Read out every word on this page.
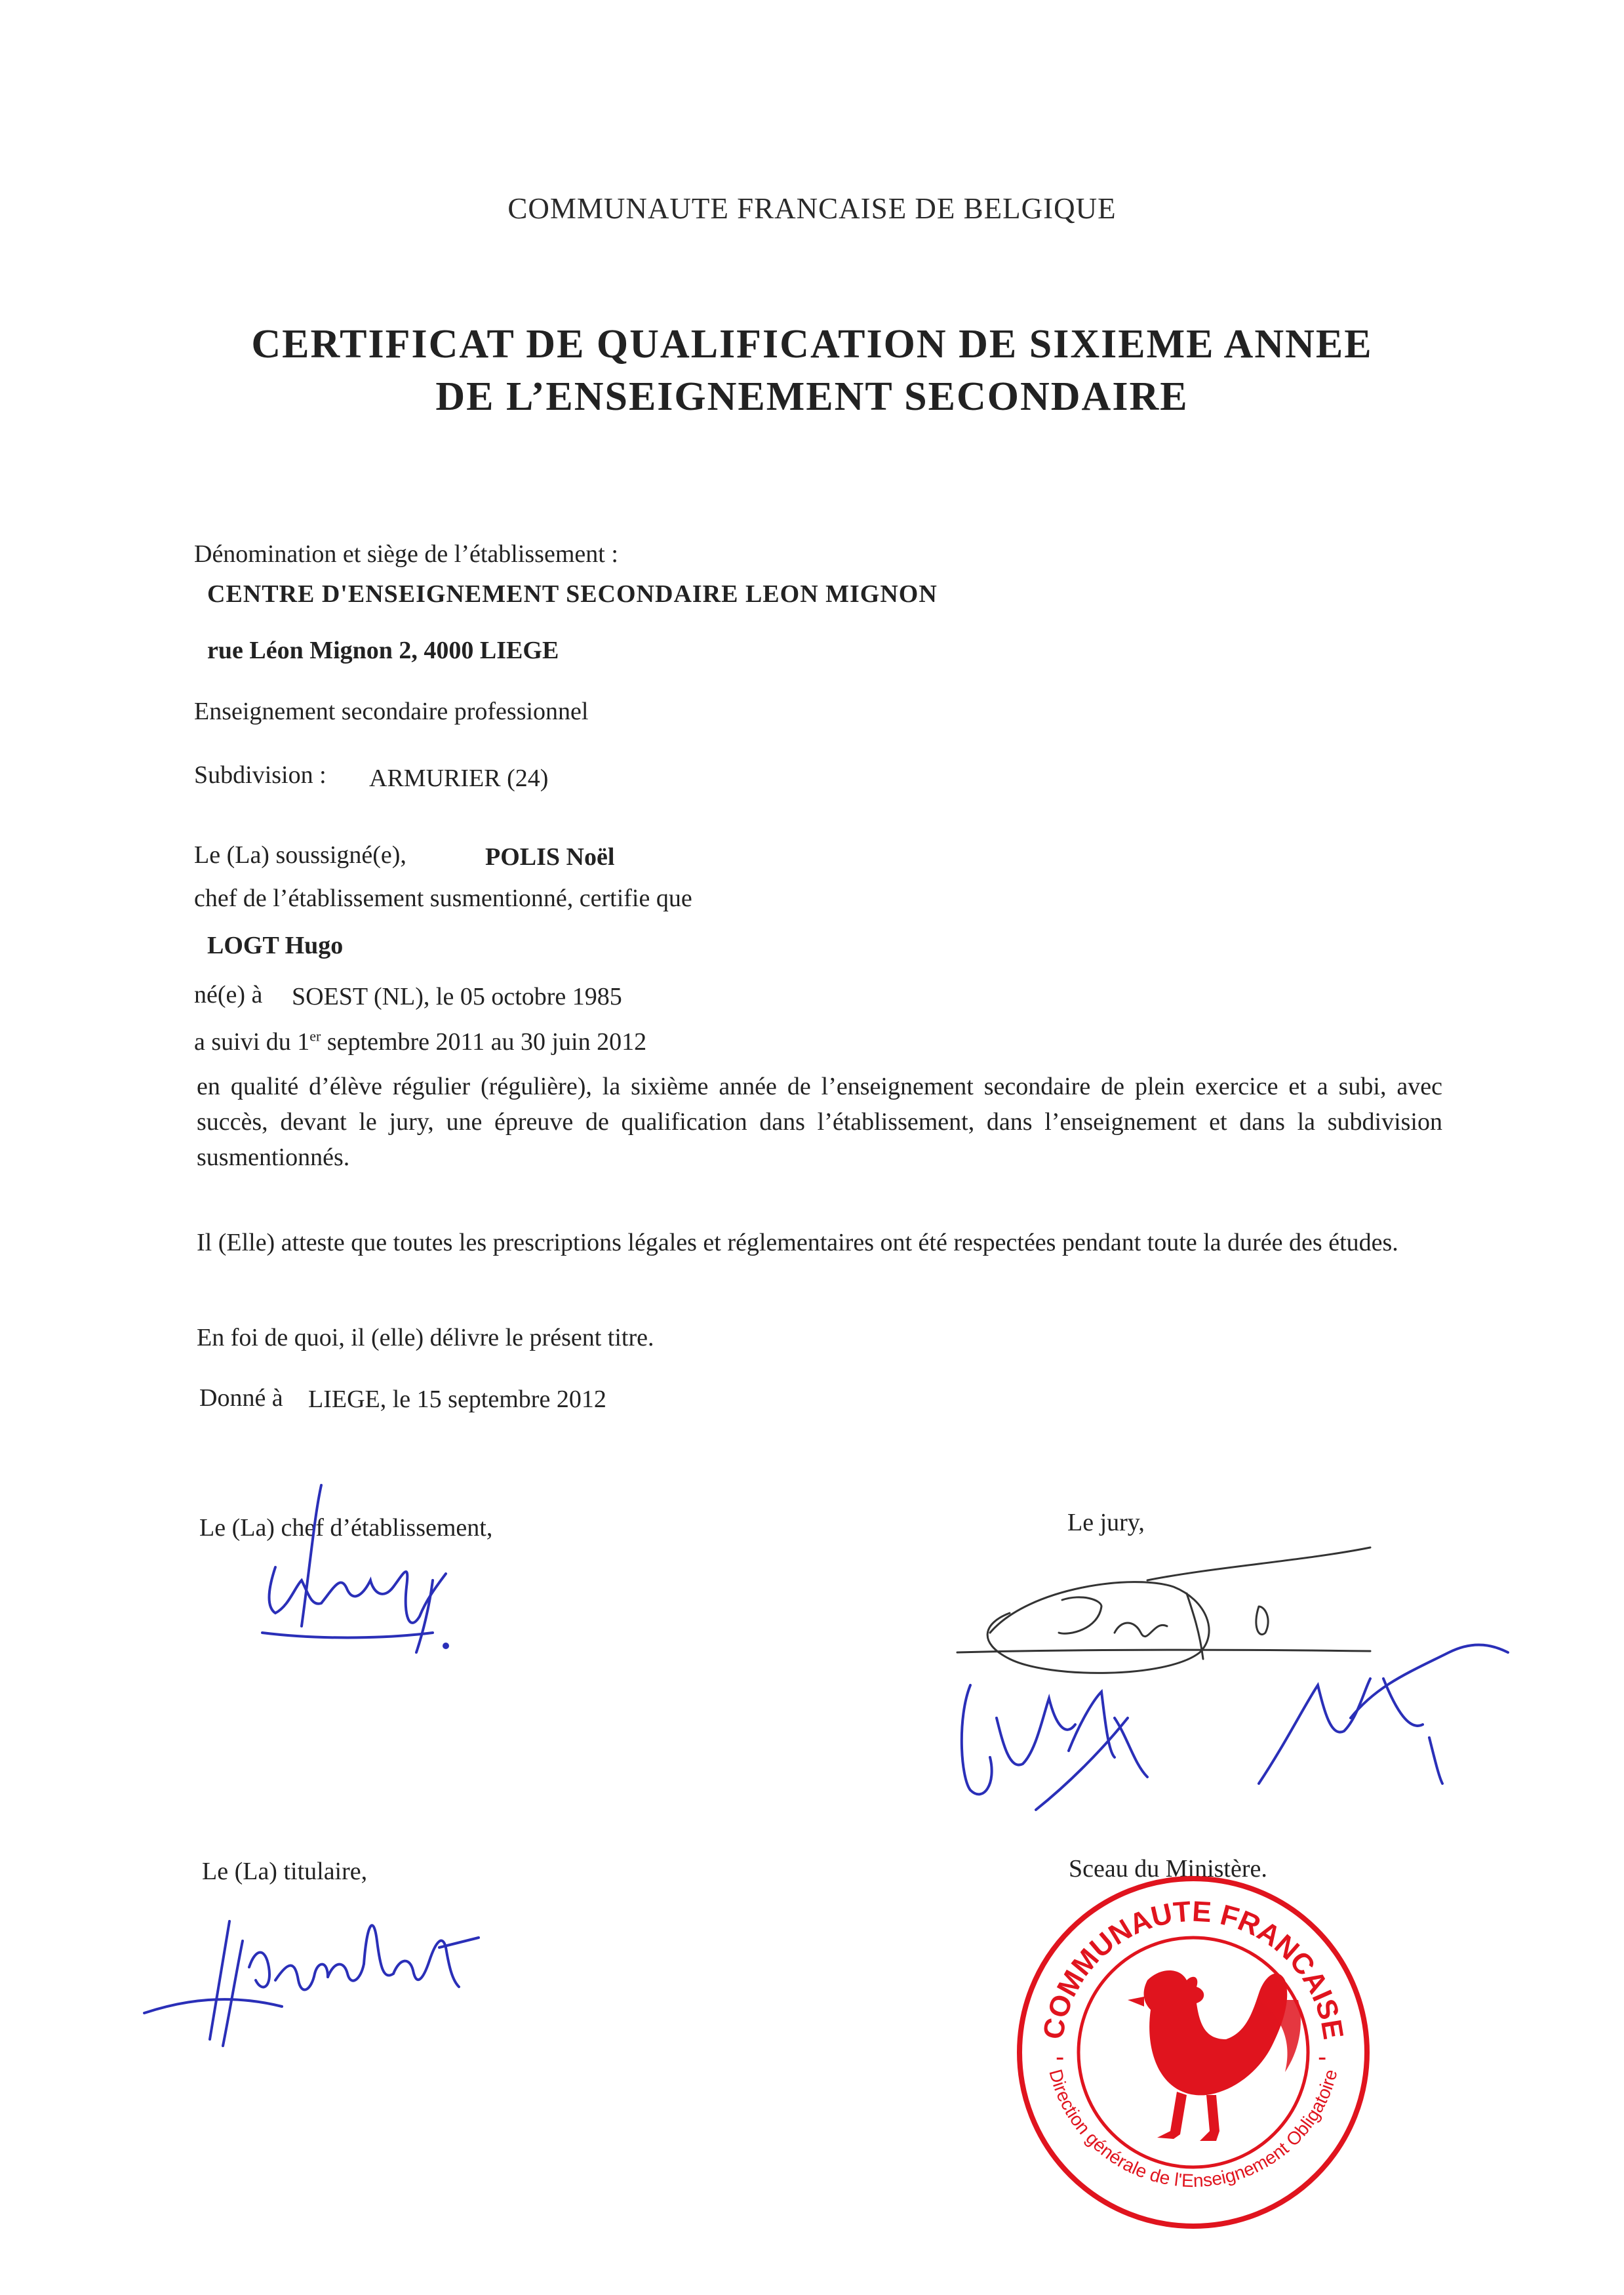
COMMUNAUTE FRANCAISE DE BELGIQUE
CERTIFICAT DE QUALIFICATION DE SIXIEME ANNEE
DE L’ENSEIGNEMENT SECONDAIRE
Dénomination et siège de l’établissement :
CENTRE D'ENSEIGNEMENT SECONDAIRE LEON MIGNON
rue Léon Mignon 2, 4000 LIEGE
Enseignement secondaire professionnel
Subdivision : ARMURIER (24)
Le (La) soussigné(e),	POLIS Noël
chef de l’établissement susmentionné, certifie que
LOGT Hugo
né(e) à SOEST (NL), le 05 octobre 1985
a suivi du 1er septembre 2011 au 30 juin 2012
en qualité d’élève régulier (régulière), la sixième année de l’enseignement secondaire de plein exercice et a subi, avec succès, devant le jury, une épreuve de qualification dans l’établissement, dans l’enseignement et dans la subdivision susmentionnés.
Il (Elle) atteste que toutes les prescriptions légales et réglementaires ont été respectées pendant toute la durée des études.
En foi de quoi, il (elle) délivre le présent titre.
Donné à LIEGE, le 15 septembre 2012
Le (La) chef d’établissement,	Le jury,
Le (La) titulaire,	Sceau du Ministère.
COMMUNAUTE FRANCAISE
Direction générale de l'Enseignement Obligatoire
-	-
